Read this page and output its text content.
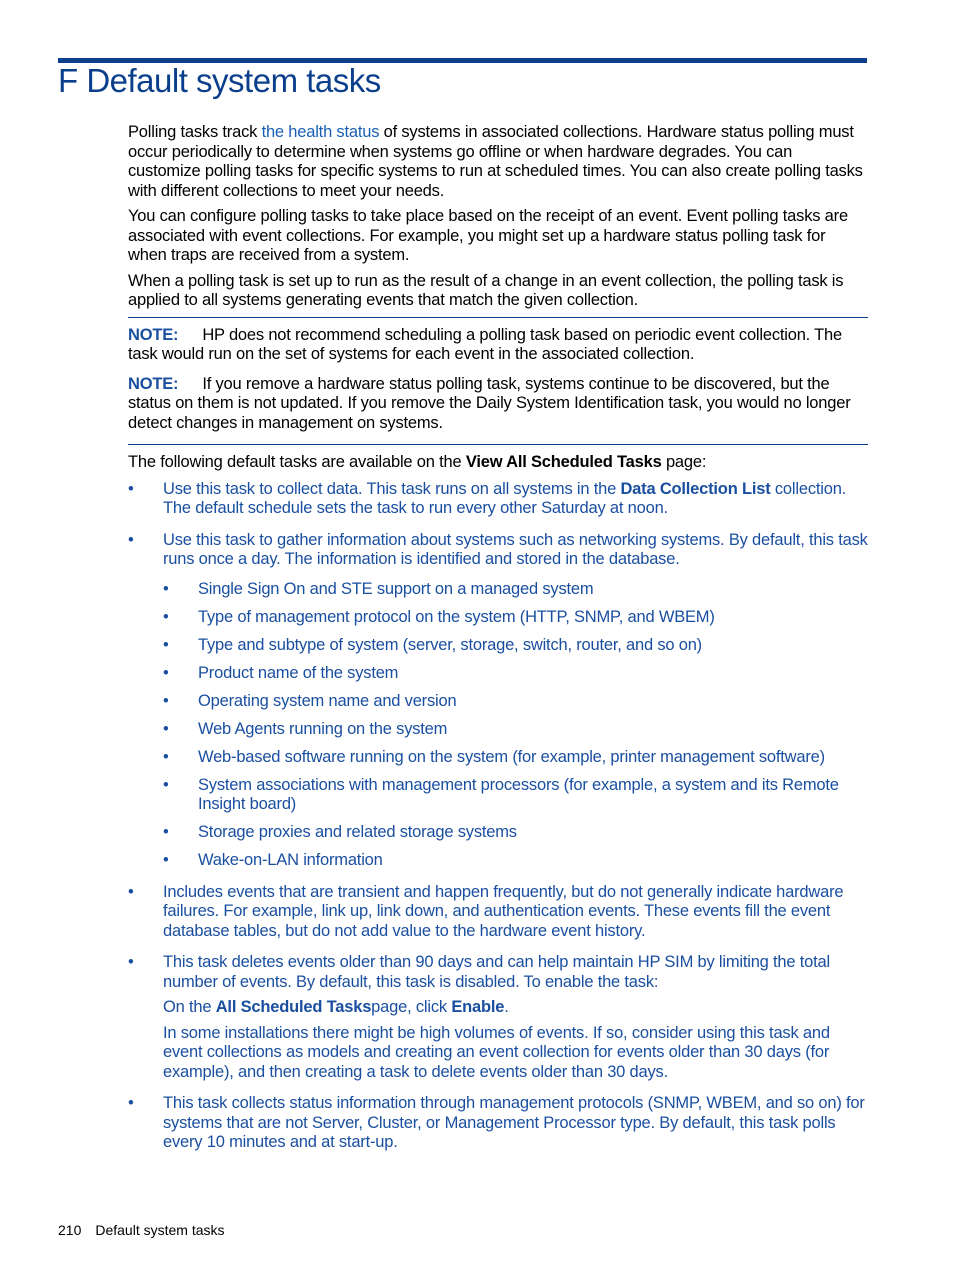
F Default system tasks

Polling tasks track the health status of systems in associated collections. Hardware status polling must occur periodically to determine when systems go offline or when hardware degrades. You can customize polling tasks for specific systems to run at scheduled times. You can also create polling tasks with different collections to meet your needs.

You can configure polling tasks to take place based on the receipt of an event. Event polling tasks are associated with event collections. For example, you might set up a hardware status polling task for when traps are received from a system.

When a polling task is set up to run as the result of a change in an event collection, the polling task is applied to all systems generating events that match the given collection.

NOTE: HP does not recommend scheduling a polling task based on periodic event collection. The task would run on the set of systems for each event in the associated collection.

NOTE: If you remove a hardware status polling task, systems continue to be discovered, but the status on them is not updated. If you remove the Daily System Identification task, you would no longer detect changes in management on systems.

The following default tasks are available on the View All Scheduled Tasks page:

• Use this task to collect data. This task runs on all systems in the Data Collection List collection. The default schedule sets the task to run every other Saturday at noon.
• Use this task to gather information about systems such as networking systems. By default, this task runs once a day. The information is identified and stored in the database.
• Single Sign On and STE support on a managed system
• Type of management protocol on the system (HTTP, SNMP, and WBEM)
• Type and subtype of system (server, storage, switch, router, and so on)
• Product name of the system
• Operating system name and version
• Web Agents running on the system
• Web-based software running on the system (for example, printer management software)
• System associations with management processors (for example, a system and its Remote Insight board)
• Storage proxies and related storage systems
• Wake-on-LAN information
• Includes events that are transient and happen frequently, but do not generally indicate hardware failures. For example, link up, link down, and authentication events. These events fill the event database tables, but do not add value to the hardware event history.
• This task deletes events older than 90 days and can help maintain HP SIM by limiting the total number of events. By default, this task is disabled. To enable the task:

On the All Scheduled Taskspage, click Enable.

In some installations there might be high volumes of events. If so, consider using this task and event collections as models and creating an event collection for events older than 30 days (for example), and then creating a task to delete events older than 30 days.

• This task collects status information through management protocols (SNMP, WBEM, and so on) for systems that are not Server, Cluster, or Management Processor type. By default, this task polls every 10 minutes and at start-up.
210 Default system tasks
